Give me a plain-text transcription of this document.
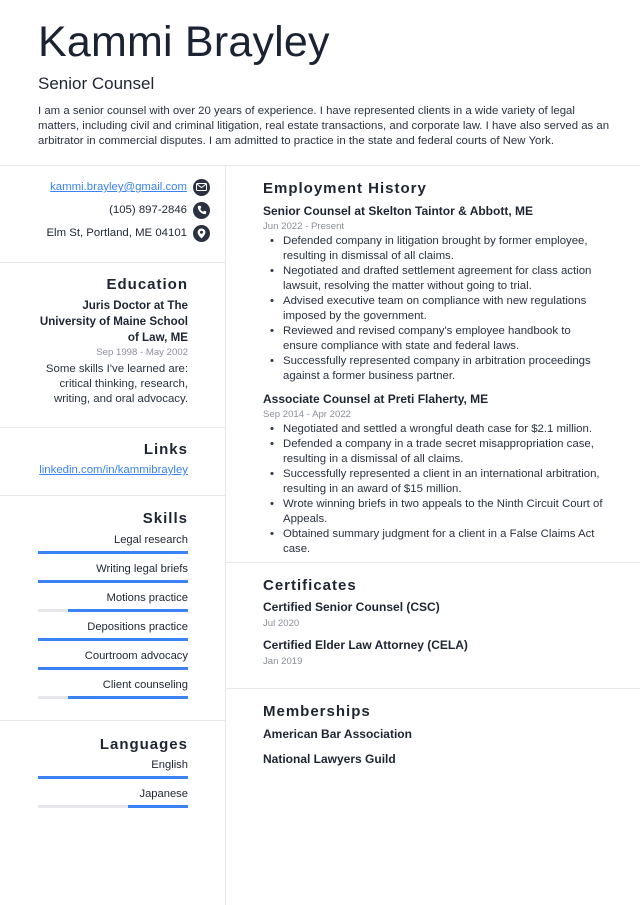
Kammi Brayley
Senior Counsel
I am a senior counsel with over 20 years of experience. I have represented clients in a wide variety of legal matters, including civil and criminal litigation, real estate transactions, and corporate law. I have also served as an arbitrator in commercial disputes. I am admitted to practice in the state and federal courts of New York.
kammi.brayley@gmail.com
(105) 897-2846
Elm St, Portland, ME 04101
Education
Juris Doctor at The University of Maine School of Law, ME
Sep 1998 - May 2002
Some skills I've learned are: critical thinking, research, writing, and oral advocacy.
Links
linkedin.com/in/kammibrayley
Skills
Legal research
Writing legal briefs
Motions practice
Depositions practice
Courtroom advocacy
Client counseling
Languages
English
Japanese
Employment History
Senior Counsel at Skelton Taintor & Abbott, ME
Jun 2022 - Present
• Defended company in litigation brought by former employee, resulting in dismissal of all claims.
• Negotiated and drafted settlement agreement for class action lawsuit, resolving the matter without going to trial.
• Advised executive team on compliance with new regulations imposed by the government.
• Reviewed and revised company's employee handbook to ensure compliance with state and federal laws.
• Successfully represented company in arbitration proceedings against a former business partner.
Associate Counsel at Preti Flaherty, ME
Sep 2014 - Apr 2022
• Negotiated and settled a wrongful death case for $2.1 million.
• Defended a company in a trade secret misappropriation case, resulting in a dismissal of all claims.
• Successfully represented a client in an international arbitration, resulting in an award of $15 million.
• Wrote winning briefs in two appeals to the Ninth Circuit Court of Appeals.
• Obtained summary judgment for a client in a False Claims Act case.
Certificates
Certified Senior Counsel (CSC)
Jul 2020
Certified Elder Law Attorney (CELA)
Jan 2019
Memberships
American Bar Association
National Lawyers Guild
